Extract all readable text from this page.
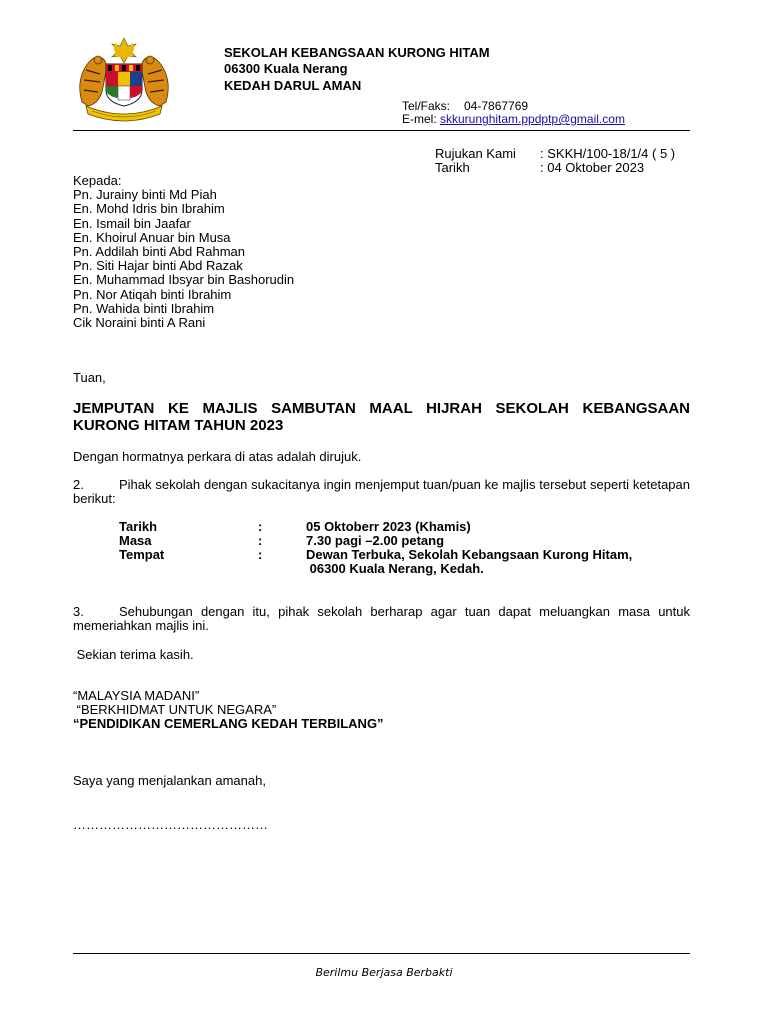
SEKOLAH KEBANGSAAN KURONG HITAM
06300 Kuala Nerang
KEDAH DARUL AMAN
Tel/Faks: 04-7867769
E-mel: skkurunghitam.ppdptp@gmail.com
Rujukan Kami : SKKH/100-18/1/4 ( 5 )
Tarikh	: 04 Oktober 2023
Kepada:
Pn. Jurainy binti Md Piah
En. Mohd Idris bin Ibrahim
En. Ismail bin Jaafar
En. Khoirul Anuar bin Musa
Pn. Addilah binti Abd Rahman
Pn. Siti Hajar binti Abd Razak
En. Muhammad Ibsyar bin Bashorudin
Pn. Nor Atiqah binti Ibrahim
Pn. Wahida binti Ibrahim
Cik Noraini binti A Rani
Tuan,
JEMPUTAN KE MAJLIS SAMBUTAN MAAL HIJRAH SEKOLAH KEBANGSAAN KURONG HITAM TAHUN 2023
Dengan hormatnya perkara di atas adalah dirujuk.
2.	Pihak sekolah dengan sukacitanya ingin menjemput tuan/puan ke majlis tersebut seperti ketetapan
berikut:
Tarikh	:	05 Oktoberr 2023 (Khamis)
Masa	:	7.30 pagi –2.00 petang
Tempat	:	Dewan Terbuka, Sekolah Kebangsaan Kurong Hitam,
06300 Kuala Nerang, Kedah.
3.	Sehubungan dengan itu, pihak sekolah berharap agar tuan dapat meluangkan masa untuk
memeriahkan majlis ini.
Sekian terima kasih.
“MALAYSIA MADANI”
“BERKHIDMAT UNTUK NEGARA”
“PENDIDIKAN CEMERLANG KEDAH TERBILANG”
Saya yang menjalankan amanah,
………………………………………
Berilmu Berjasa Berbakti
